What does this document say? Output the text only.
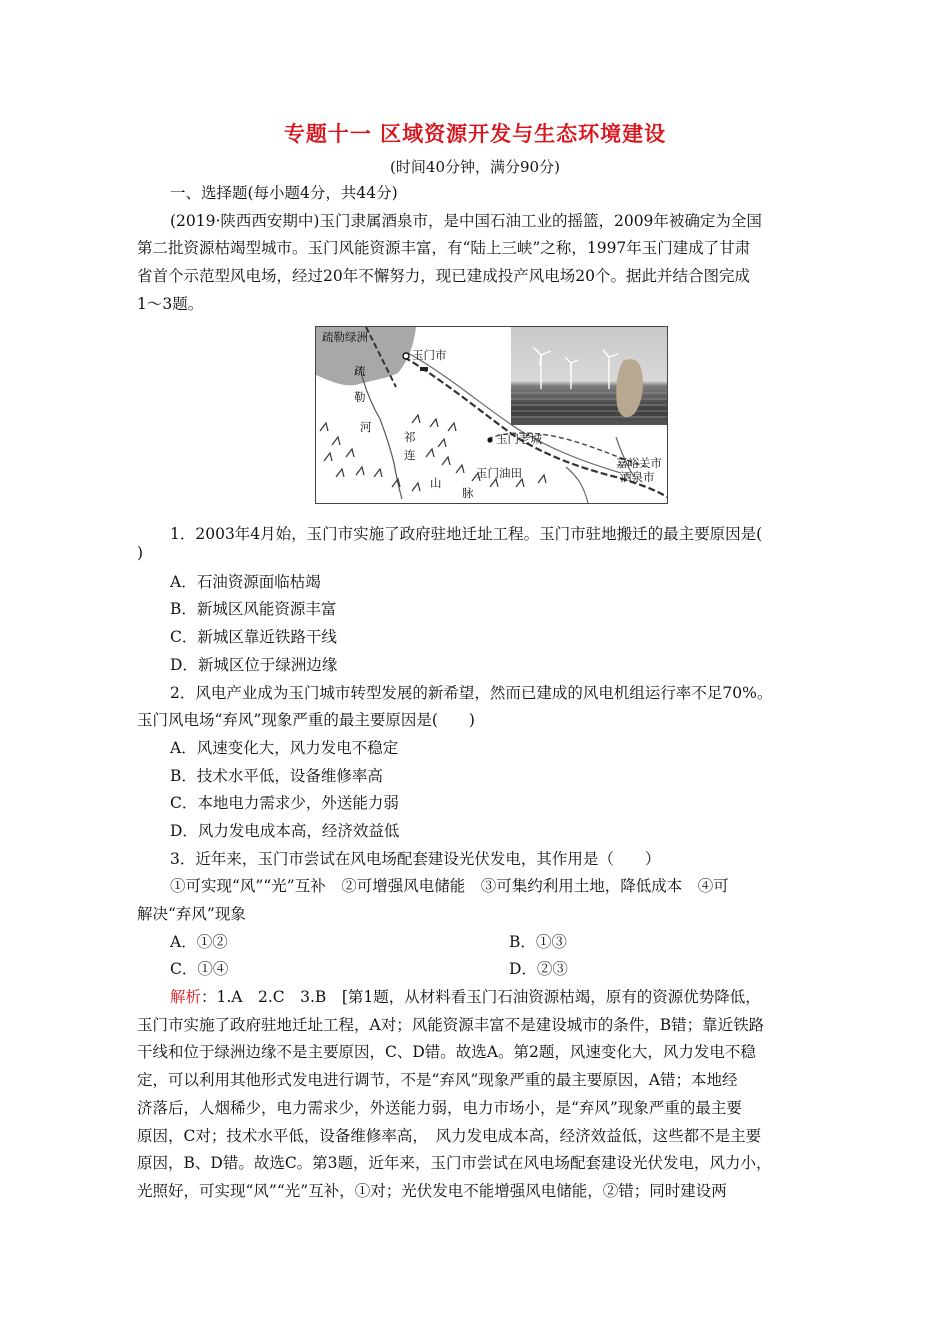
专题十一 区域资源开发与生态环境建设
(时间40分钟，满分90分)
一、选择题(每小题4分，共44分)
(2019·陕西西安期中)玉门隶属酒泉市，是中国石油工业的摇篮，2009年被确定为全国
第二批资源枯竭型城市。玉门风能资源丰富，有“陆上三峡”之称，1997年玉门建成了甘肃
省首个示范型风电场，经过20年不懈努力，现已建成投产风电场20个。据此并结合图完成
1～3题。
疏勒绿洲
玉门市
疏
勒
河
祁
连
山
脉
玉门老城
玉门油田
嘉峪关市
酒泉市
1．2003年4月始，玉门市实施了政府驻地迁址工程。玉门市驻地搬迁的最主要原因是(
)
A．石油资源面临枯竭
B．新城区风能资源丰富
C．新城区靠近铁路干线
D．新城区位于绿洲边缘
2．风电产业成为玉门城市转型发展的新希望，然而已建成的风电机组运行率不足70%。
玉门风电场“弃风”现象严重的最主要原因是(　　)
A．风速变化大，风力发电不稳定
B．技术水平低，设备维修率高
C．本地电力需求少，外送能力弱
D．风力发电成本高，经济效益低
3．近年来，玉门市尝试在风电场配套建设光伏发电，其作用是（　　）
①可实现“风”“光”互补　②可增强风电储能　③可集约利用土地，降低成本　④可
解决“弃风”现象
A．①②	B．①③
C．①④	D．②③
解析：1.A　2.C　3.B　[第1题，从材料看玉门石油资源枯竭，原有的资源优势降低，
玉门市实施了政府驻地迁址工程，A对；风能资源丰富不是建设城市的条件，B错；靠近铁路
干线和位于绿洲边缘不是主要原因，C、D错。故选A。第2题，风速变化大，风力发电不稳
定，可以利用其他形式发电进行调节，不是“弃风”现象严重的最主要原因，A错；本地经
济落后，人烟稀少，电力需求少，外送能力弱，电力市场小，是“弃风”现象严重的最主要
原因，C对；技术水平低，设备维修率高，　风力发电成本高，经济效益低，这些都不是主要
原因，B、D错。故选C。第3题，近年来，玉门市尝试在风电场配套建设光伏发电，风力小，
光照好，可实现“风”“光”互补，①对；光伏发电不能增强风电储能，②错；同时建设两
